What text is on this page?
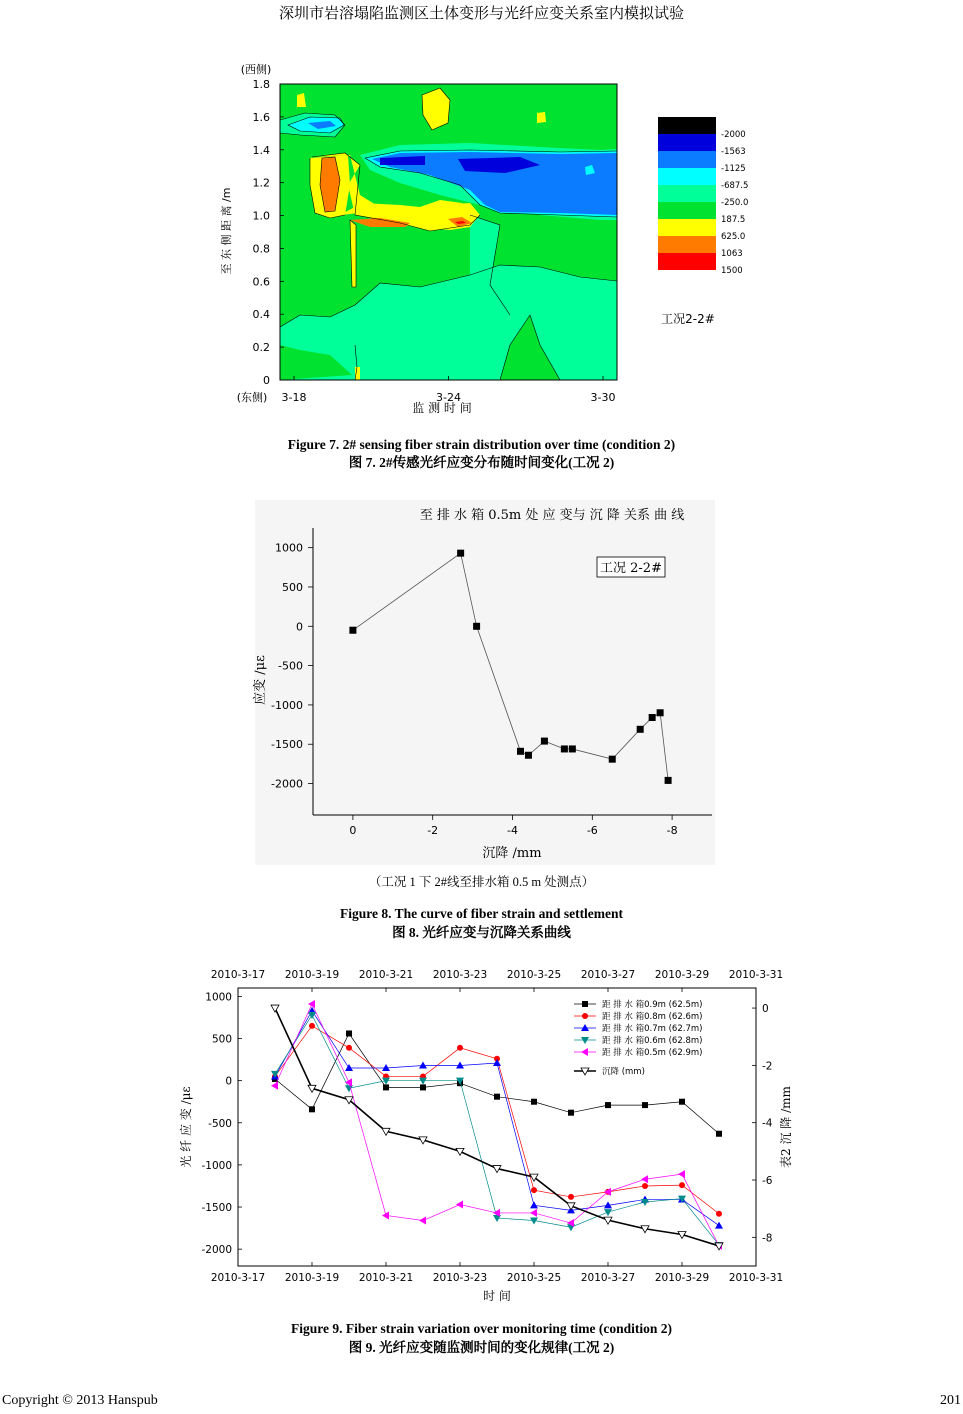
深圳市岩溶塌陷监测区土体变形与光纤应变关系室内模拟试验
1.8
1.6
1.4
1.2
1.0
0.8
0.6
0.4
0.2
0
3-18	3-24	3-30
(西侧)
(东侧)
至 东 侧 距 离 /m
监 测 时 间
-2000
-1563
-1125
-687.5
-250.0
187.5
625.0
1063
1500
工况2-2#
Figure 7. 2# sensing fiber strain distribution over time (condition 2)
图 7. 2#传感光纤应变分布随时间变化(工况 2)
至 排 水 箱 0.5m 处 应 变与 沉 降 关系 曲 线
工况 2-2#
1000
500
0
-500
-1000
-1500
-2000
0	-2	-4	-6	-8
应变 /με
沉降 /mm
（工况 1 下 2#线至排水箱 0.5 m 处测点）
Figure 8. The curve of fiber strain and settlement
图 8. 光纤应变与沉降关系曲线
2010-3-17 2010-3-19 2010-3-21 2010-3-23 2010-3-25 2010-3-27 2010-3-29 2010-3-31
2010-3-17 2010-3-19 2010-3-21 2010-3-23 2010-3-25 2010-3-27 2010-3-29 2010-3-31
1000
500
0
-500
-1000
-1500
-2000
0
-2
-4
-6
-8
距 排 水 箱0.9m (62.5m)
距 排 水 箱0.8m (62.6m)
距 排 水 箱0.7m (62.7m)
距 排 水 箱0.6m (62.8m)
距 排 水 箱0.5m (62.9m)
沉降 (mm)
光 纤 应 变 /με	表2 沉 降 /mm
时 间
Figure 9. Fiber strain variation over monitoring time (condition 2)
图 9. 光纤应变随监测时间的变化规律(工况 2)
Copyright © 2013 Hanspub	201
